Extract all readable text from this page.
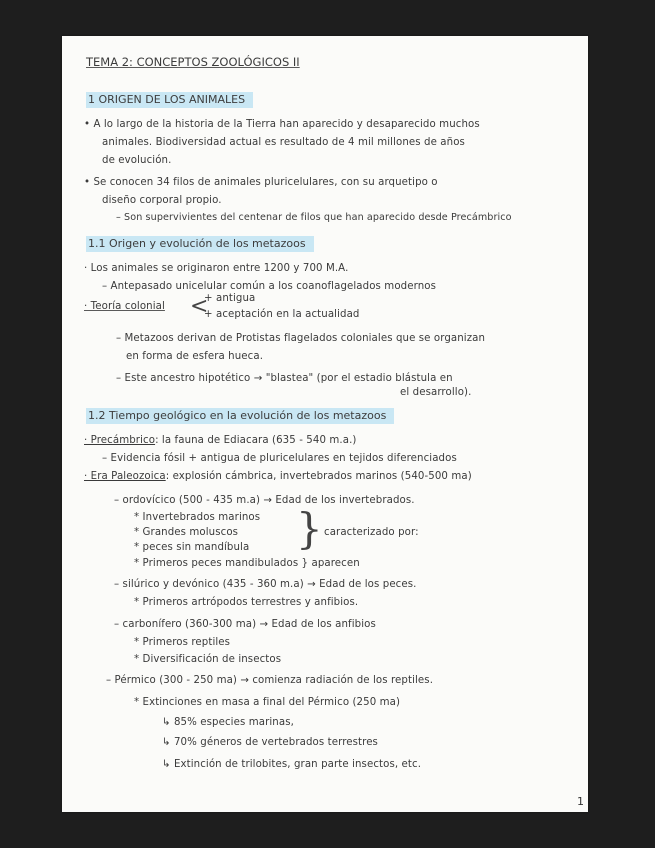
TEMA 2: CONCEPTOS ZOOLÓGICOS II
1 ORIGEN DE LOS ANIMALES
• A lo largo de la historia de la Tierra han aparecido y desaparecido muchos
animales. Biodiversidad actual es resultado de 4 mil millones de años
de evolución.
• Se conocen 34 filos de animales pluricelulares, con su arquetipo o
diseño corporal propio.
– Son supervivientes del centenar de filos que han aparecido desde Precámbrico
1.1 Origen y evolución de los metazoos
· Los animales se originaron entre 1200 y 700 M.A.
– Antepasado unicelular común a los coanoflagelados modernos
· Teoría colonial <
+ antigua
+ aceptación en la actualidad
– Metazoos derivan de Protistas flagelados coloniales que se organizan
en forma de esfera hueca.
– Este ancestro hipotético → "blastea" (por el estadio blástula en
el desarrollo).
1.2 Tiempo geológico en la evolución de los metazoos
· Precámbrico: la fauna de Ediacara (635 - 540 m.a.)
– Evidencia fósil + antigua de pluricelulares en tejidos diferenciados
· Era Paleozoica: explosión cámbrica, invertebrados marinos (540-500 ma)
– ordovícico (500 - 435 m.a) → Edad de los invertebrados.
* Invertebrados marinos
* Grandes moluscos
* peces sin mandíbula } caracterizado por:
* Primeros peces mandibulados } aparecen
– silúrico y devónico (435 - 360 m.a) → Edad de los peces.
* Primeros artrópodos terrestres y anfibios.
– carbonífero (360-300 ma) → Edad de los anfibios
* Primeros reptiles
* Diversificación de insectos
– Pérmico (300 - 250 ma) → comienza radiación de los reptiles.
* Extinciones en masa a final del Pérmico (250 ma)
↳ 85% especies marinas,
↳ 70% géneros de vertebrados terrestres
↳ Extinción de trilobites, gran parte insectos, etc.
1
